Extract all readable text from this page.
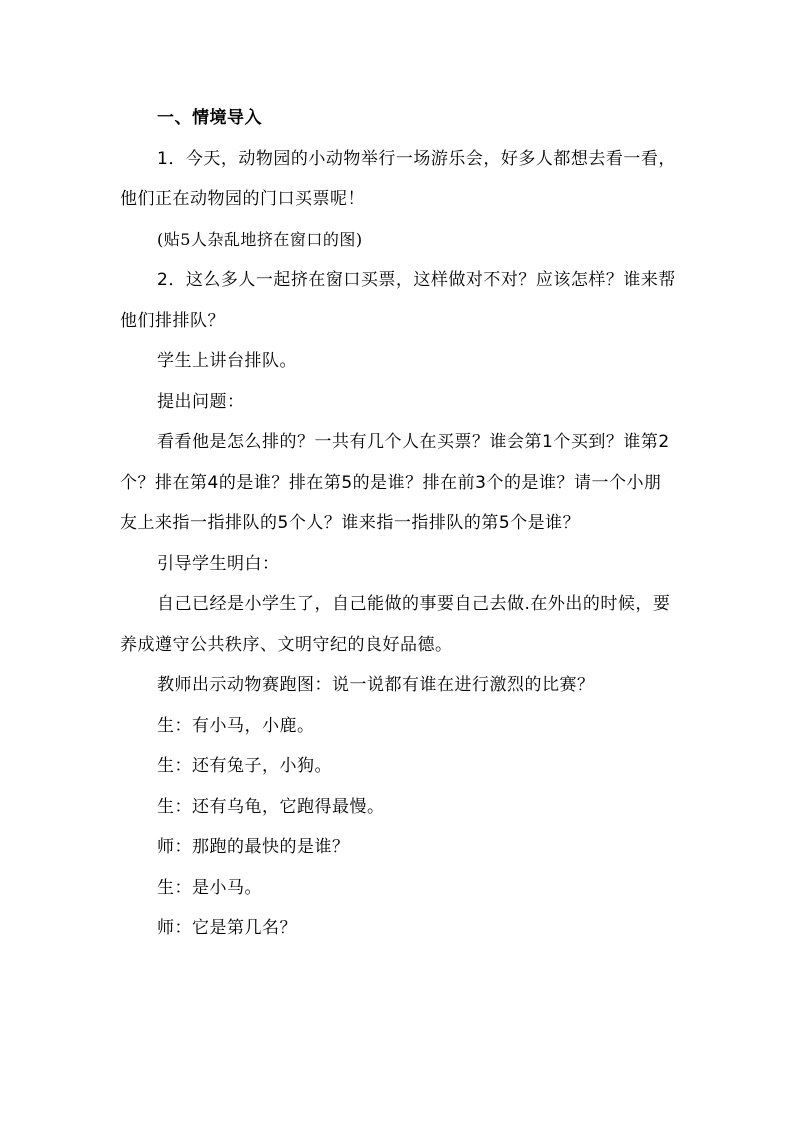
一、情境导入

1．今天，动物园的小动物举行一场游乐会，好多人都想去看一看，他们正在动物园的门口买票呢！

(贴5人杂乱地挤在窗口的图)

2．这么多人一起挤在窗口买票，这样做对不对？应该怎样？谁来帮他们排排队？

学生上讲台排队。

提出问题：

看看他是怎么排的？一共有几个人在买票？谁会第1个买到？谁第2个？排在第4的是谁？排在第5的是谁？排在前3个的是谁？请一个小朋友上来指一指排队的5个人？谁来指一指排队的第5个是谁？

引导学生明白：

自己已经是小学生了，自己能做的事要自己去做.在外出的时候，要养成遵守公共秩序、文明守纪的良好品德。

教师出示动物赛跑图：说一说都有谁在进行激烈的比赛？

生：有小马，小鹿。

生：还有兔子，小狗。

生：还有乌龟，它跑得最慢。

师：那跑的最快的是谁？

生：是小马。

师：它是第几名？
